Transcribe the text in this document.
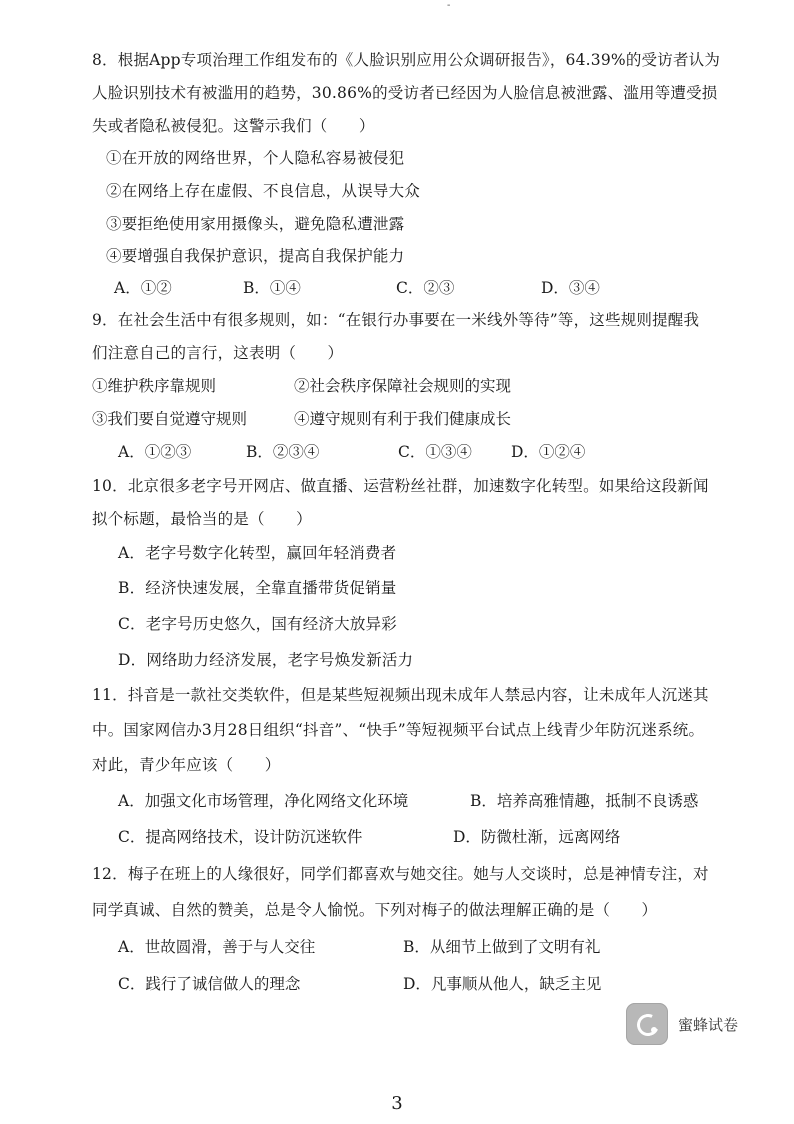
-
8．根据App专项治理工作组发布的《人脸识别应用公众调研报告》，64.39%的受访者认为
人脸识别技术有被滥用的趋势，30.86%的受访者已经因为人脸信息被泄露、滥用等遭受损
失或者隐私被侵犯。这警示我们（　　）
①在开放的网络世界，个人隐私容易被侵犯
②在网络上存在虚假、不良信息，从误导大众
③要拒绝使用家用摄像头，避免隐私遭泄露
④要增强自我保护意识，提高自我保护能力
A．①②	B．①④	C．②③	D．③④
9．在社会生活中有很多规则，如：“在银行办事要在一米线外等待”等，这些规则提醒我
们注意自己的言行，这表明（　　）
①维护秩序靠规则	②社会秩序保障社会规则的实现
③我们要自觉遵守规则	④遵守规则有利于我们健康成长
A．①②③	B．②③④	C．①③④	D．①②④
10．北京很多老字号开网店、做直播、运营粉丝社群，加速数字化转型。如果给这段新闻
拟个标题，最恰当的是（　　）
A．老字号数字化转型，赢回年轻消费者
B．经济快速发展，全靠直播带货促销量
C．老字号历史悠久，国有经济大放异彩
D．网络助力经济发展，老字号焕发新活力
11．抖音是一款社交类软件，但是某些短视频出现未成年人禁忌内容，让未成年人沉迷其
中。国家网信办3月28日组织“抖音”、“快手”等短视频平台试点上线青少年防沉迷系统。
对此，青少年应该（　　）
A．加强文化市场管理，净化网络文化环境	B．培养高雅情趣，抵制不良诱惑
C．提高网络技术，设计防沉迷软件	D．防微杜渐，远离网络
12．梅子在班上的人缘很好，同学们都喜欢与她交往。她与人交谈时，总是神情专注，对
同学真诚、自然的赞美，总是令人愉悦。下列对梅子的做法理解正确的是（　　）
A．世故圆滑，善于与人交往	B．从细节上做到了文明有礼
C．践行了诚信做人的理念	D．凡事顺从他人，缺乏主见
蜜蜂试卷
3
